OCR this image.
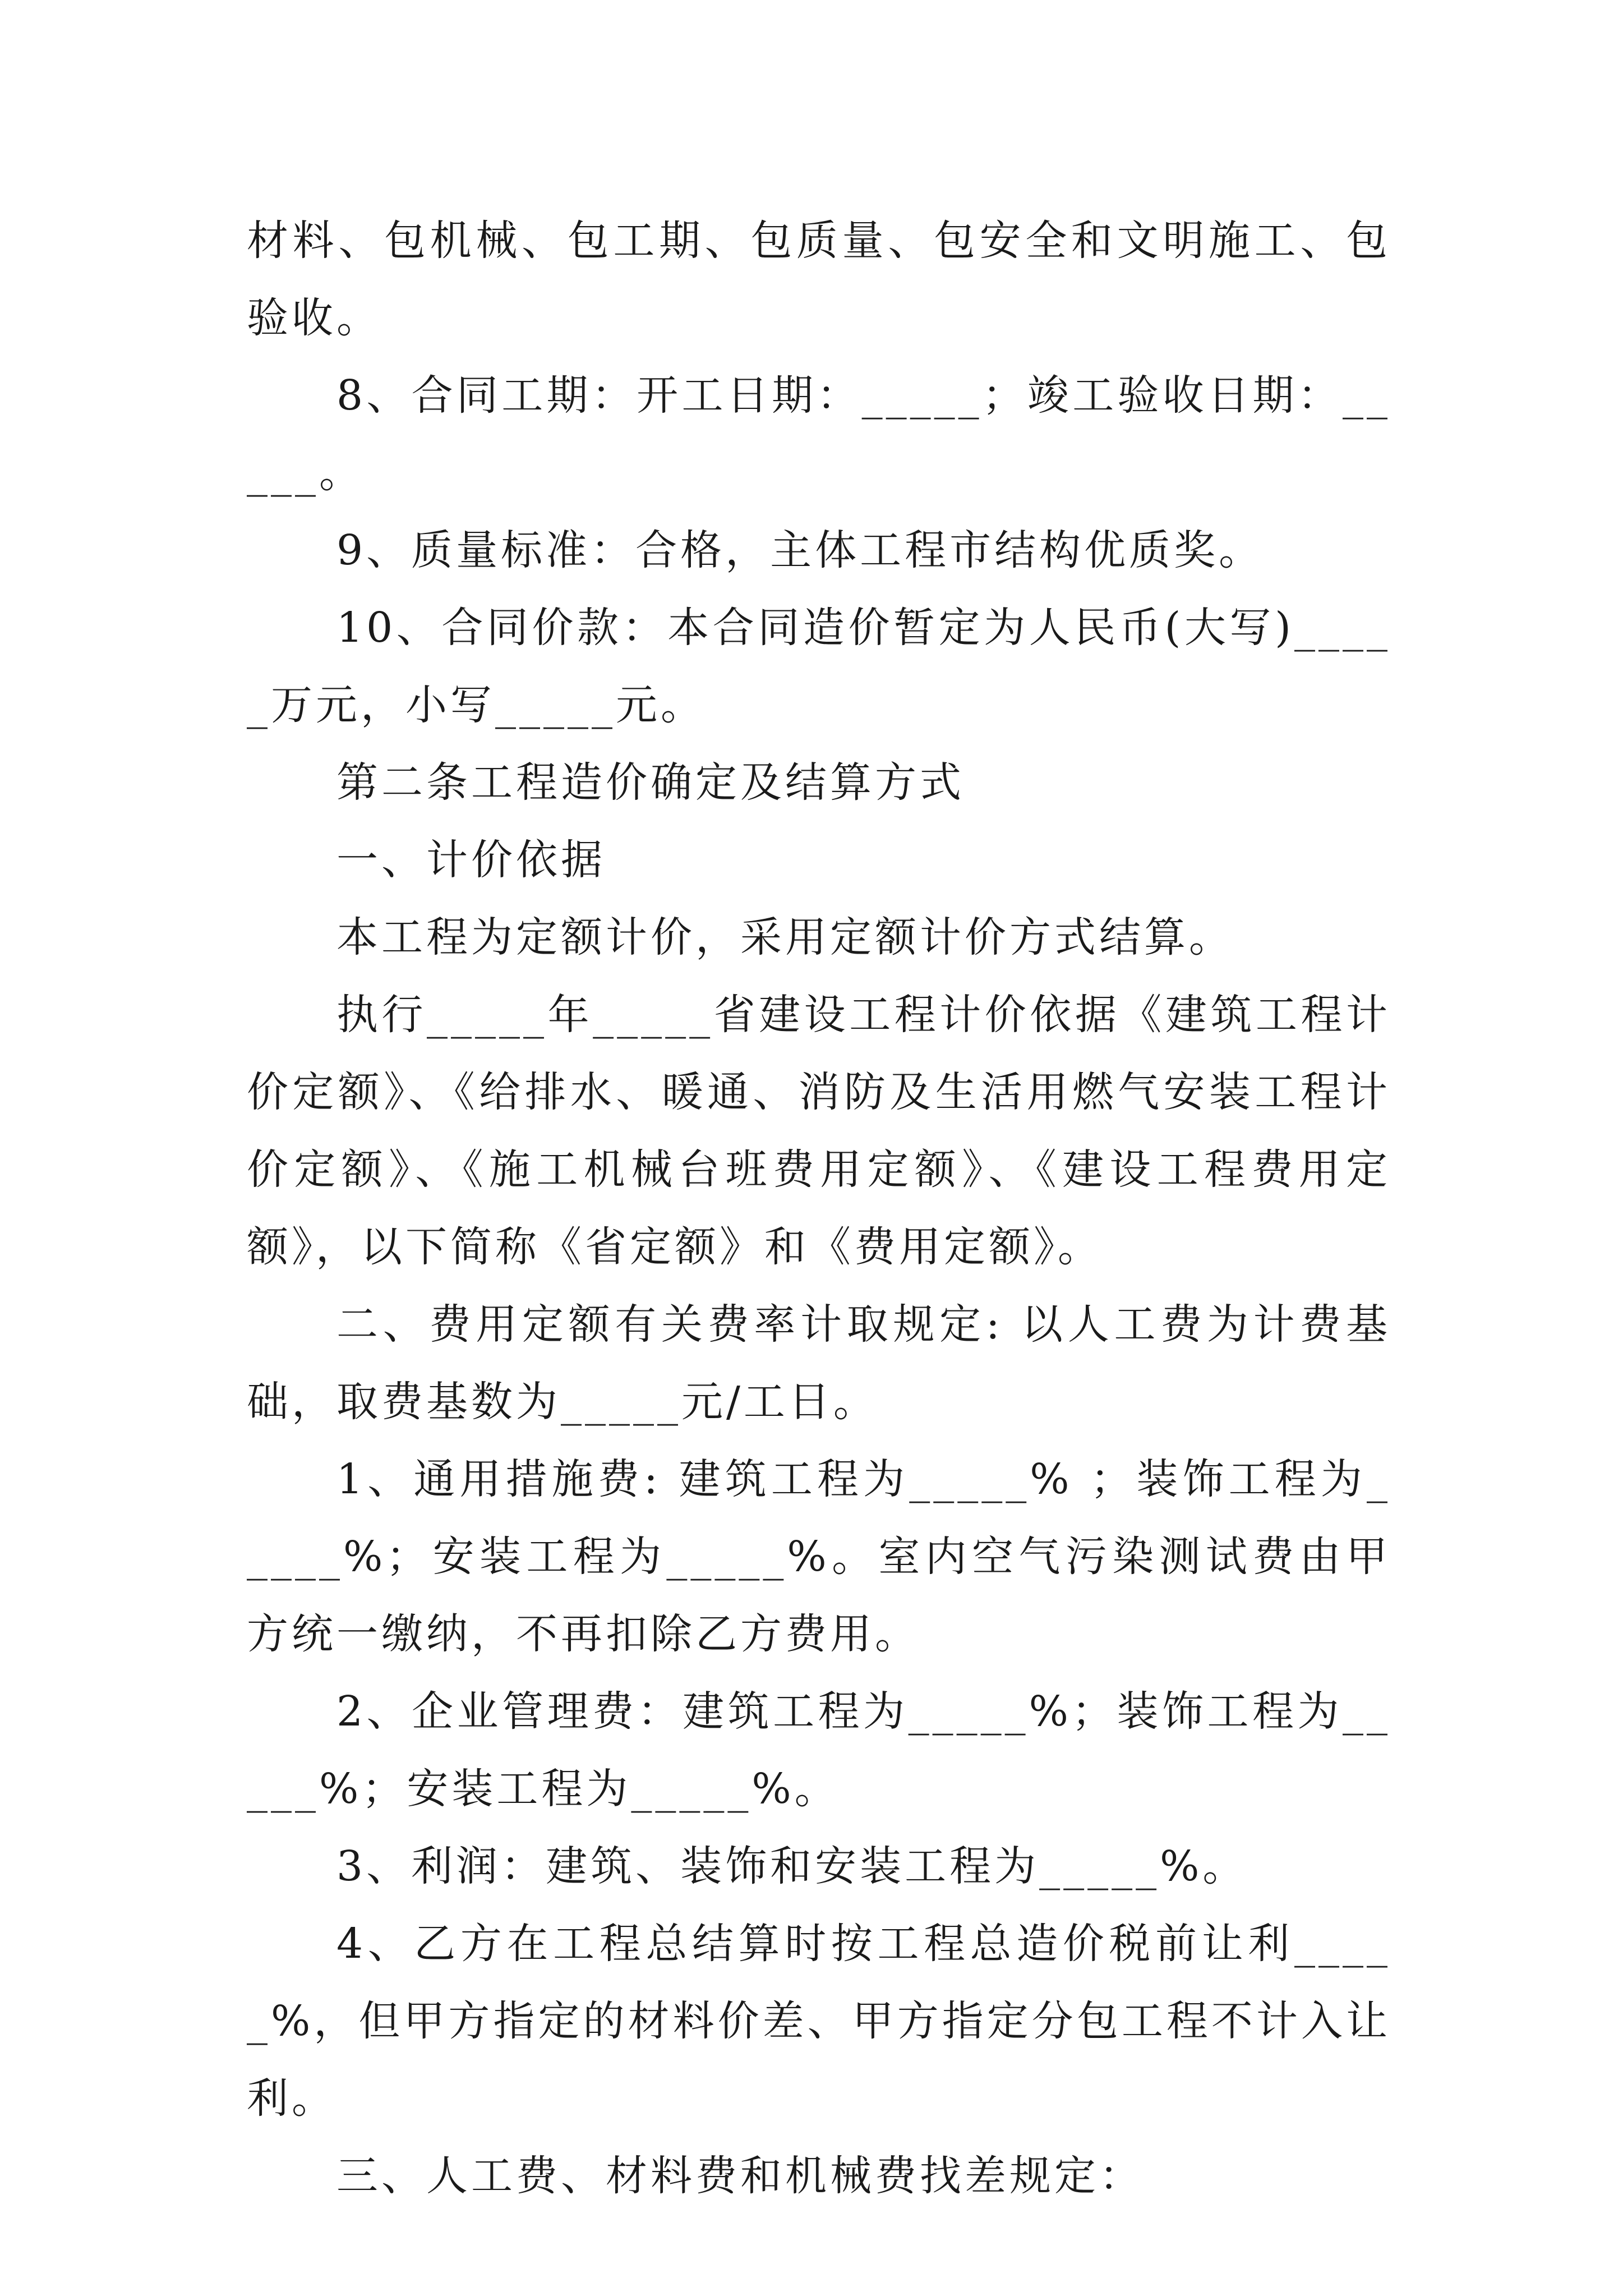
材料、包机械、包工期、包质量、包安全和文明施工、包验收。

8、合同工期：开工日期：_____；竣工验收日期：_____。

9、质量标准：合格，主体工程市结构优质奖。

10、合同价款：本合同造价暂定为人民币(大写)_____万元，小写_____元。

第二条工程造价确定及结算方式

一、计价依据

本工程为定额计价，采用定额计价方式结算。

执行_____年_____省建设工程计价依据《建筑工程计价定额》、《给排水、暖通、消防及生活用燃气安装工程计价定额》、《施工机械台班费用定额》、《建设工程费用定额》，以下简称《省定额》和《费用定额》。

二、费用定额有关费率计取规定: 以人工费为计费基础，取费基数为_____元/工日。

1、通用措施费: 建筑工程为_____% ；装饰工程为_____%；安装工程为_____%。室内空气污染测试费由甲方统一缴纳，不再扣除乙方费用。

2、企业管理费：建筑工程为_____%；装饰工程为_____%；安装工程为_____%。

3、利润：建筑、装饰和安装工程为_____%。

4、乙方在工程总结算时按工程总造价税前让利_____%，但甲方指定的材料价差、甲方指定分包工程不计入让利。

三、人工费、材料费和机械费找差规定：
